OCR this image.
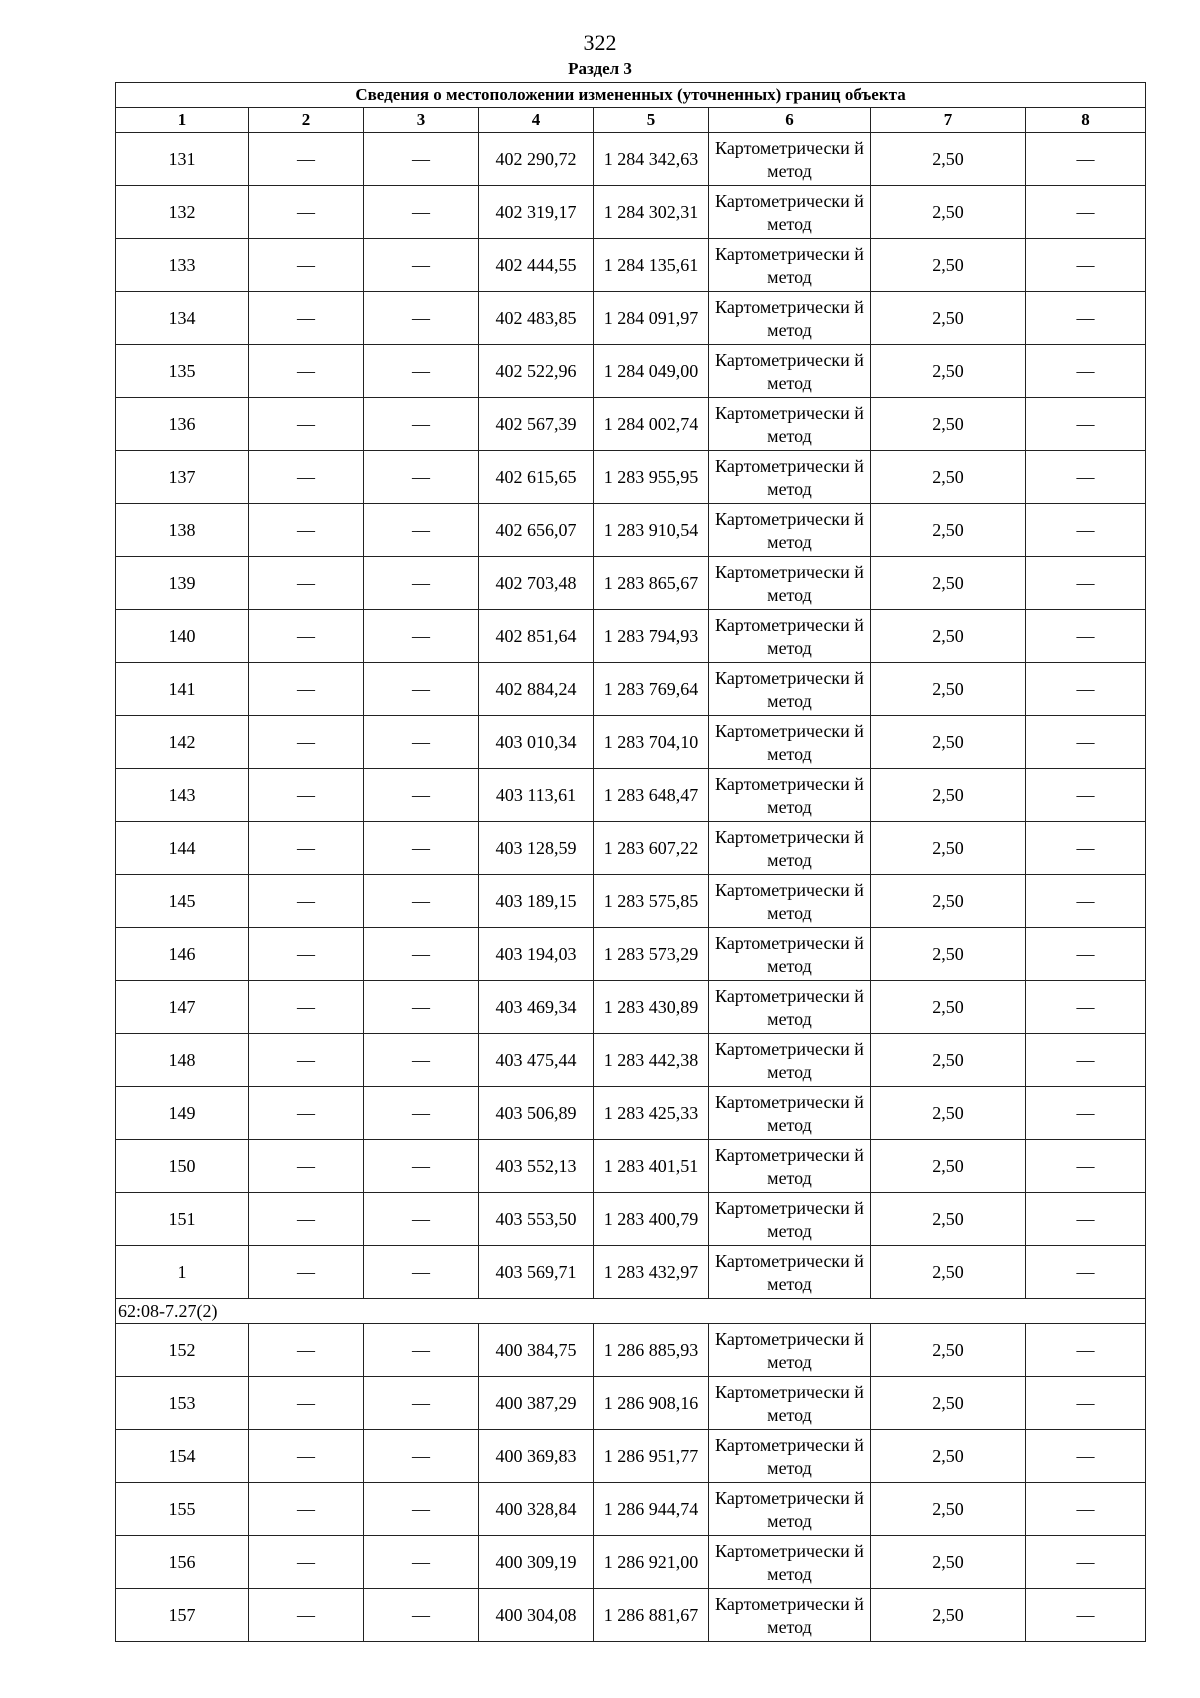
322
Раздел 3
Сведения о местоположении измененных (уточненных) границ объекта							
1	2	3	4	5	6	7	8
131	—	—	402 290,72	1 284 342,63	Картометрически й метод	2,50	—
132	—	—	402 319,17	1 284 302,31	Картометрически й метод	2,50	—
133	—	—	402 444,55	1 284 135,61	Картометрически й метод	2,50	—
134	—	—	402 483,85	1 284 091,97	Картометрически й метод	2,50	—
135	—	—	402 522,96	1 284 049,00	Картометрически й метод	2,50	—
136	—	—	402 567,39	1 284 002,74	Картометрически й метод	2,50	—
137	—	—	402 615,65	1 283 955,95	Картометрически й метод	2,50	—
138	—	—	402 656,07	1 283 910,54	Картометрически й метод	2,50	—
139	—	—	402 703,48	1 283 865,67	Картометрически й метод	2,50	—
140	—	—	402 851,64	1 283 794,93	Картометрически й метод	2,50	—
141	—	—	402 884,24	1 283 769,64	Картометрически й метод	2,50	—
142	—	—	403 010,34	1 283 704,10	Картометрически й метод	2,50	—
143	—	—	403 113,61	1 283 648,47	Картометрически й метод	2,50	—
144	—	—	403 128,59	1 283 607,22	Картометрически й метод	2,50	—
145	—	—	403 189,15	1 283 575,85	Картометрически й метод	2,50	—
146	—	—	403 194,03	1 283 573,29	Картометрически й метод	2,50	—
147	—	—	403 469,34	1 283 430,89	Картометрически й метод	2,50	—
148	—	—	403 475,44	1 283 442,38	Картометрически й метод	2,50	—
149	—	—	403 506,89	1 283 425,33	Картометрически й метод	2,50	—
150	—	—	403 552,13	1 283 401,51	Картометрически й метод	2,50	—
151	—	—	403 553,50	1 283 400,79	Картометрически й метод	2,50	—
1	—	—	403 569,71	1 283 432,97	Картометрически й метод	2,50	—
62:08-7.27(2)							
152	—	—	400 384,75	1 286 885,93	Картометрически й метод	2,50	—
153	—	—	400 387,29	1 286 908,16	Картометрически й метод	2,50	—
154	—	—	400 369,83	1 286 951,77	Картометрически й метод	2,50	—
155	—	—	400 328,84	1 286 944,74	Картометрически й метод	2,50	—
156	—	—	400 309,19	1 286 921,00	Картометрически й метод	2,50	—
157	—	—	400 304,08	1 286 881,67	Картометрически й метод	2,50	—
